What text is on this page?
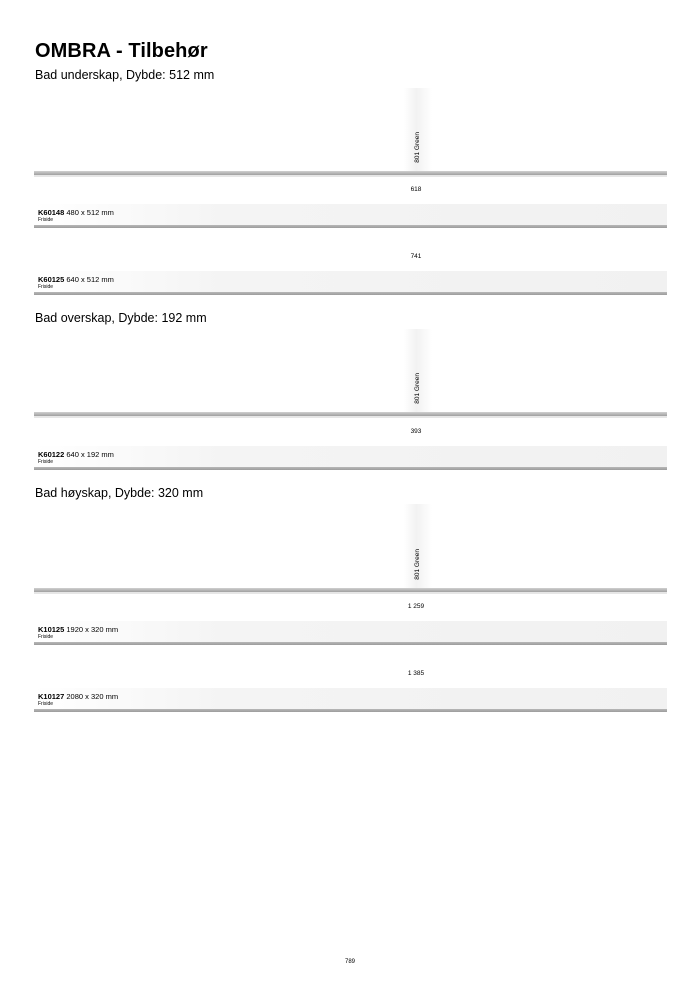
OMBRA - Tilbehør
Bad underskap, Dybde: 512 mm
801 Green
618
K60148 480 x 512 mm
Friside
741
K60125 640 x 512 mm
Friside
Bad overskap, Dybde: 192 mm
801 Green
393
K60122 640 x 192 mm
Friside
Bad høyskap, Dybde: 320 mm
801 Green
1 259
K10125 1920 x 320 mm
Friside
1 385
K10127 2080 x 320 mm
Friside
789
